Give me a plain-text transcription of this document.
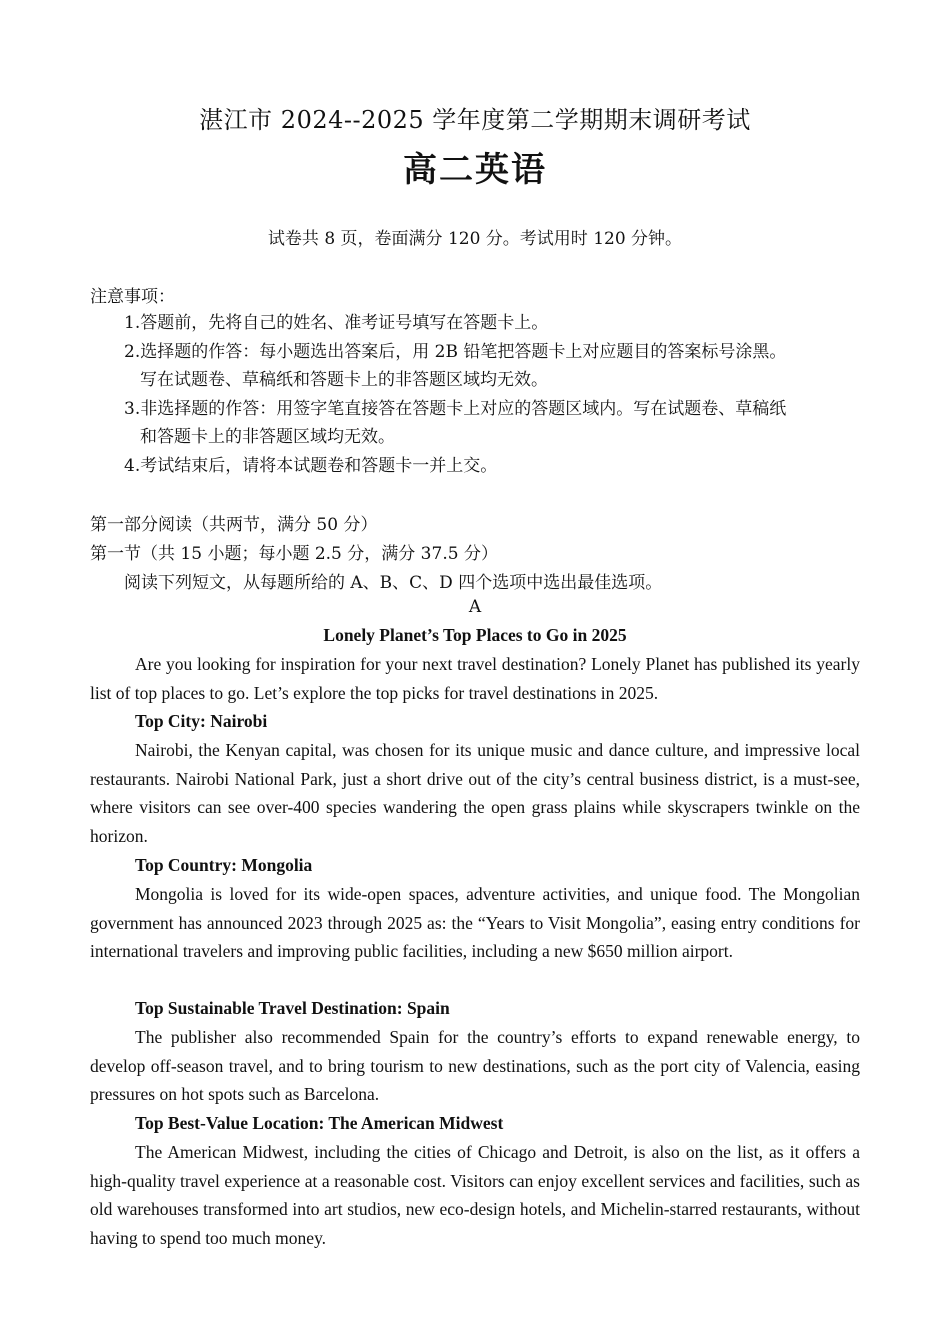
湛江市 2024--2025 学年度第二学期期末调研考试
高二英语
试卷共 8 页，卷面满分 120 分。考试用时 120 分钟。
注意事项：
1.答题前，先将自己的姓名、准考证号填写在答题卡上。
2.选择题的作答：每小题选出答案后，用 2B 铅笔把答题卡上对应题目的答案标号涂黑。
写在试题卷、草稿纸和答题卡上的非答题区域均无效。
3.非选择题的作答：用签字笔直接答在答题卡上对应的答题区域内。写在试题卷、草稿纸
和答题卡上的非答题区域均无效。
4.考试结束后，请将本试题卷和答题卡一并上交。
第一部分阅读（共两节，满分 50 分）
第一节（共 15 小题；每小题 2.5 分，满分 37.5 分）
阅读下列短文，从每题所给的 A、B、C、D 四个选项中选出最佳选项。
A
Lonely Planet’s Top Places to Go in 2025
Are you looking for inspiration for your next travel destination? Lonely Planet has published its yearly list of top places to go. Let’s explore the top picks for travel destinations in 2025.
Top City: Nairobi
Nairobi, the Kenyan capital, was chosen for its unique music and dance culture, and impressive local restaurants. Nairobi National Park, just a short drive out of the city’s central business district, is a must-see, where visitors can see over-400 species wandering the open grass plains while skyscrapers twinkle on the horizon.
Top Country: Mongolia
Mongolia is loved for its wide-open spaces, adventure activities, and unique food. The Mongolian government has announced 2023 through 2025 as: the “Years to Visit Mongolia”, easing entry conditions for international travelers and improving public facilities, including a new $650 million airport.
Top Sustainable Travel Destination: Spain
The publisher also recommended Spain for the country’s efforts to expand renewable energy, to develop off-season travel, and to bring tourism to new destinations, such as the port city of Valencia, easing pressures on hot spots such as Barcelona.
Top Best-Value Location: The American Midwest
The American Midwest, including the cities of Chicago and Detroit, is also on the list, as it offers a high-quality travel experience at a reasonable cost. Visitors can enjoy excellent services and facilities, such as old warehouses transformed into art studios, new eco-design hotels, and Michelin-starred restaurants, without having to spend too much money.
